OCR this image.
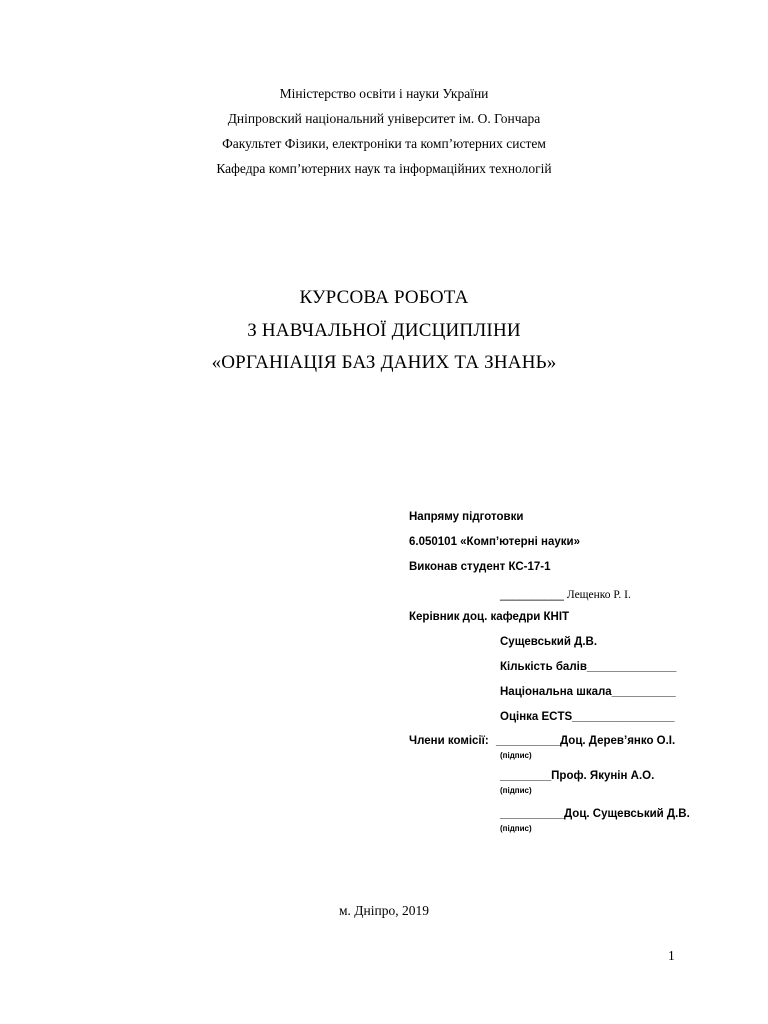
Міністерство освіти і науки України
Дніпровский національний університет ім. О. Гончара
Факультет Фізики, електроніки та комп’ютерних систем
Кафедра комп’ютерних наук та інформаційних технологій
КУРСОВА РОБОТА
З НАВЧАЛЬНОЇ ДИСЦИПЛІНИ
«ОРГАНІАЦІЯ БАЗ ДАНИХ ТА ЗНАНЬ»
Напряму підготовки
6.050101 «Комп’ютерні науки»
Виконав студент КС-17-1
__________ Лещенко Р. І.
Керівник доц. кафедри КНІТ
Сущевський Д.В.
Кількість балів______________
Національна шкала__________
Оцінка ECTS________________
Члени комісії: __________Доц. Дерев’янко О.І.
(підпис)
________Проф. Якунін А.О.
(підпис)
__________Доц. Сущевський Д.В.
(підпис)
м. Дніпро, 2019
1
